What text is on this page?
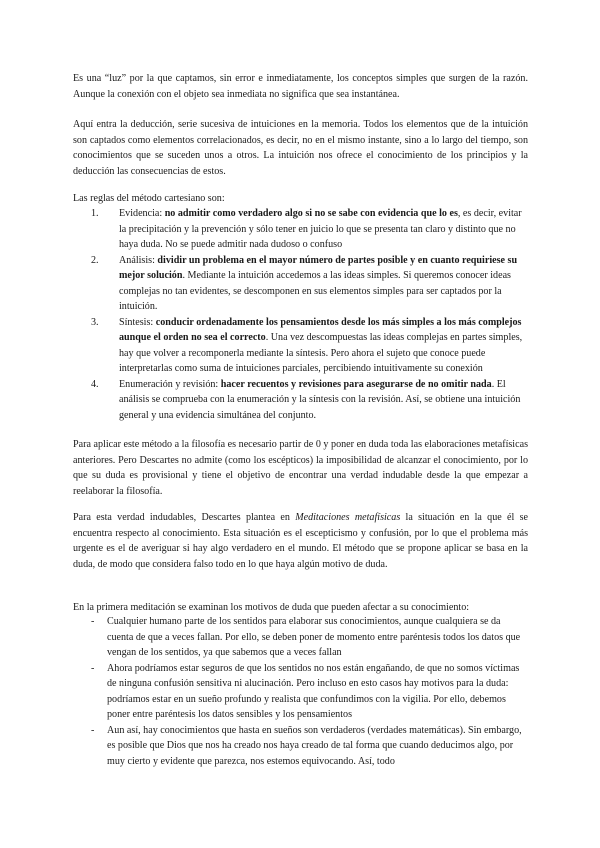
Es una “luz” por la que captamos, sin error e inmediatamente, los conceptos simples que surgen de la razón. Aunque la conexión con el objeto sea inmediata no significa que sea instantánea.

Aquí entra la deducción, serie sucesiva de intuiciones en la memoria. Todos los elementos que de la intuición son captados como elementos correlacionados, es decir, no en el mismo instante, sino a lo largo del tiempo, son conocimientos que se suceden unos a otros. La intuición nos ofrece el conocimiento de los principios y la deducción las consecuencias de estos.

Las reglas del método cartesiano son:

1. Evidencia: no admitir como verdadero algo si no se sabe con evidencia que lo es, es decir, evitar la precipitación y la prevención y sólo tener en juicio lo que se presenta tan claro y distinto que no haya duda. No se puede admitir nada dudoso o confuso
2. Análisis: dividir un problema en el mayor número de partes posible y en cuanto requiriese su mejor solución. Mediante la intuición accedemos a las ideas simples. Si queremos conocer ideas complejas no tan evidentes, se descomponen en sus elementos simples para ser captados por la intuición.
3. Síntesis: conducir ordenadamente los pensamientos desde los más simples a los más complejos aunque el orden no sea el correcto. Una vez descompuestas las ideas complejas en partes simples, hay que volver a recomponerla mediante la síntesis. Pero ahora el sujeto que conoce puede interpretarlas como suma de intuiciones parciales, percibiendo intuitivamente su conexión
4. Enumeración y revisión: hacer recuentos y revisiones para asegurarse de no omitir nada. El análisis se comprueba con la enumeración y la síntesis con la revisión. Así, se obtiene una intuición general y una evidencia simultánea del conjunto.

Para aplicar este método a la filosofía es necesario partir de 0 y poner en duda toda las elaboraciones metafísicas anteriores. Pero Descartes no admite (como los escépticos) la imposibilidad de alcanzar el conocimiento, por lo que su duda es provisional y tiene el objetivo de encontrar una verdad indudable desde la que empezar a reelaborar la filosofía.

Para esta verdad indudables, Descartes plantea en Meditaciones metafísicas la situación en la que él se encuentra respecto al conocimiento. Esta situación es el escepticismo y confusión, por lo que el problema más urgente es el de averiguar si hay algo verdadero en el mundo. El método que se propone aplicar se basa en la duda, de modo que considera falso todo en lo que haya algún motivo de duda.

En la primera meditación se examinan los motivos de duda que pueden afectar a su conocimiento:

- Cualquier humano parte de los sentidos para elaborar sus conocimientos, aunque cualquiera se da cuenta de que a veces fallan. Por ello, se deben poner de momento entre paréntesis todos los datos que vengan de los sentidos, ya que sabemos que a veces fallan
- Ahora podríamos estar seguros de que los sentidos no nos están engañando, de que no somos víctimas de ninguna confusión sensitiva ni alucinación. Pero incluso en esto casos hay motivos para la duda: podríamos estar en un sueño profundo y realista que confundimos con la vigilia. Por ello, debemos poner entre paréntesis los datos sensibles y los pensamientos
- Aun así, hay conocimientos que hasta en sueños son verdaderos (verdades matemáticas). Sin embargo, es posible que Dios que nos ha creado nos haya creado de tal forma que cuando deducimos algo, por muy cierto y evidente que parezca, nos estemos equivocando. Así, todo
